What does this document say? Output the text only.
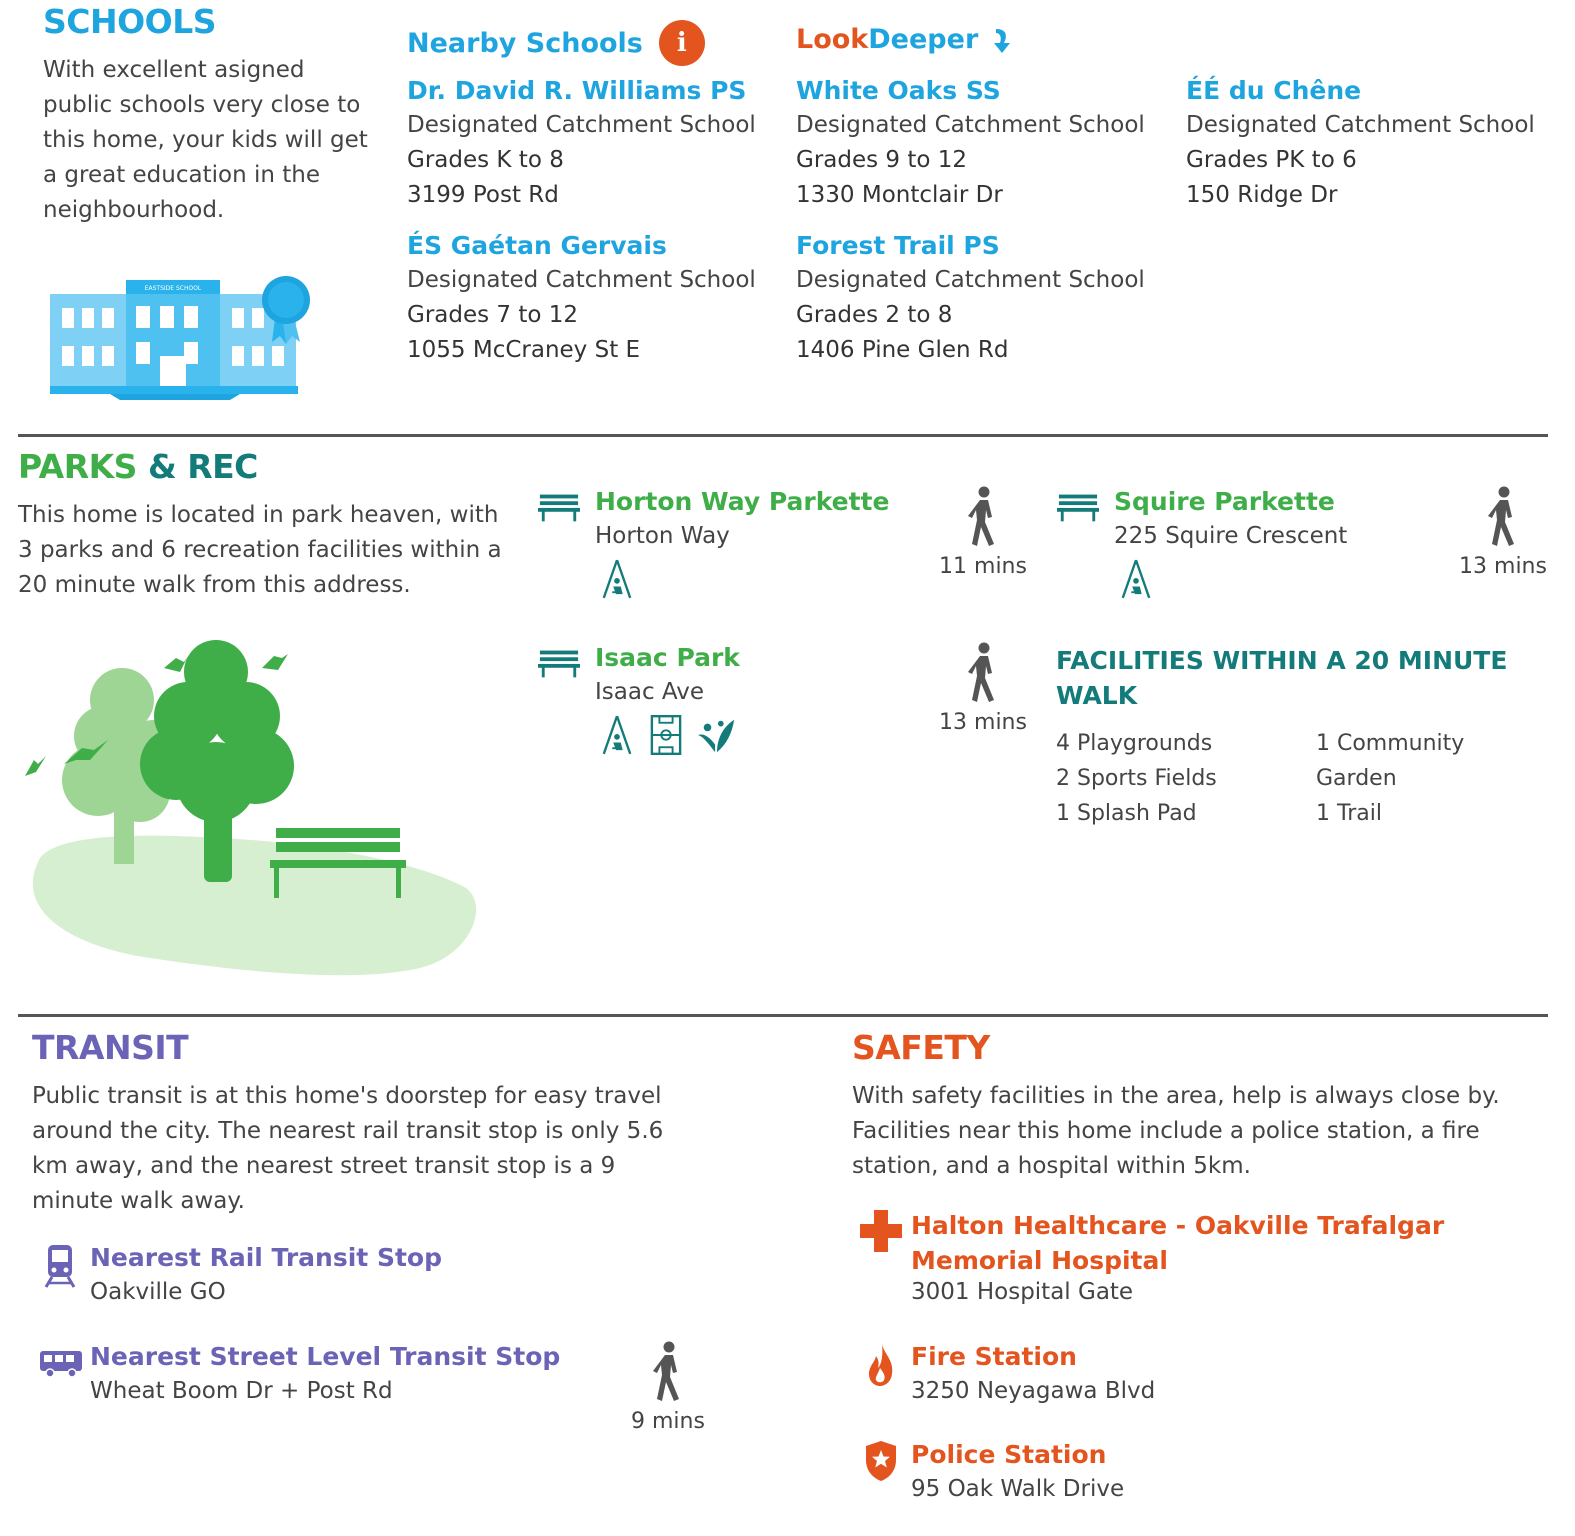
SCHOOLS
With excellent asigned public schools very close to this home, your kids will get a great education in the neighbourhood.
EASTSIDE SCHOOL
Nearby Schools	i	Look Deeper
Dr. David R. Williams PS
Designated Catchment School
Grades K to 8
3199 Post Rd
White Oaks SS
Designated Catchment School
Grades 9 to 12
1330 Montclair Dr
ÉÉ du Chêne
Designated Catchment School
Grades PK to 6
150 Ridge Dr
ÉS Gaétan Gervais
Designated Catchment School
Grades 7 to 12
1055 McCraney St E
Forest Trail PS
Designated Catchment School
Grades 2 to 8
1406 Pine Glen Rd
PARKS & REC
This home is located in park heaven, with 3 parks and 6 recreation facilities within a 20 minute walk from this address.
Horton Way Parkette
Horton Way
11 mins
Squire Parkette
225 Squire Crescent
13 mins
Isaac Park
Isaac Ave
13 mins
FACILITIES WITHIN A 20 MINUTE
WALK
4 Playgrounds
2 Sports Fields
1 Splash Pad
1 Community
Garden
1 Trail
TRANSIT
Public transit is at this home's doorstep for easy travel around the city. The nearest rail transit stop is only 5.6 km away, and the nearest street transit stop is a 9 minute walk away.
Nearest Rail Transit Stop
Oakville GO
Nearest Street Level Transit Stop
Wheat Boom Dr + Post Rd
9 mins
SAFETY
With safety facilities in the area, help is always close by. Facilities near this home include a police station, a fire station, and a hospital within 5km.
Halton Healthcare - Oakville Trafalgar Memorial Hospital
3001 Hospital Gate
Fire Station
3250 Neyagawa Blvd
Police Station
95 Oak Walk Drive
